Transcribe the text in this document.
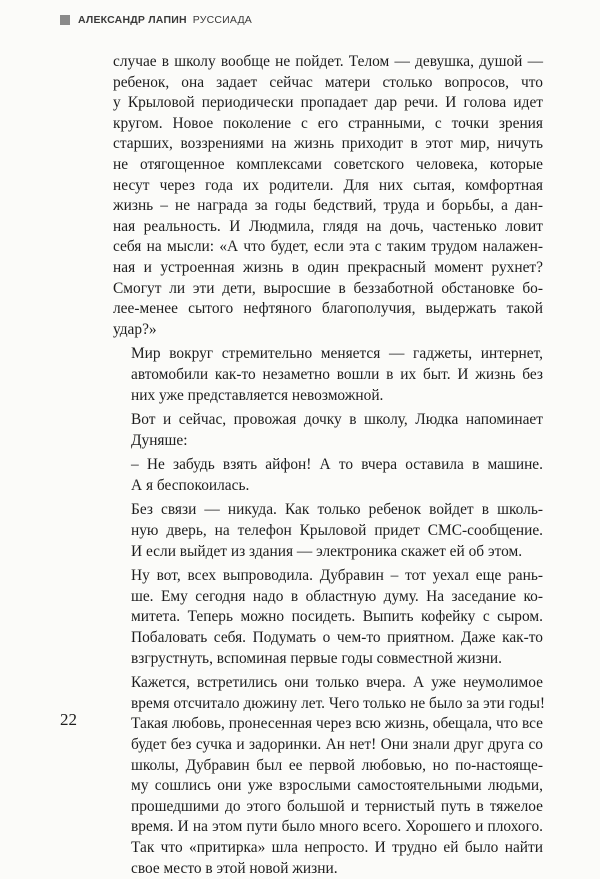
АЛЕКСАНДР ЛАПИН РУССИАДА

случае в школу вообще не пойдет. Телом — девушка, душой —
ребенок, она задает сейчас матери столько вопросов, что
у Крыловой периодически пропадает дар речи. И голова идет
кругом. Новое поколение с его странными, с точки зрения
старших, воззрениями на жизнь приходит в этот мир, ничуть
не отягощенное комплексами советского человека, которые
несут через года их родители. Для них сытая, комфортная
жизнь – не награда за годы бедствий, труда и борьбы, а дан-
ная реальность. И Людмила, глядя на дочь, частенько ловит
себя на мысли: «А что будет, если эта с таким трудом налажен-
ная и устроенная жизнь в один прекрасный момент рухнет?
Смогут ли эти дети, выросшие в беззаботной обстановке бо-
лее-менее сытого нефтяного благополучия, выдержать такой
удар?»

Мир вокруг стремительно меняется — гаджеты, интернет,
автомобили как-то незаметно вошли в их быт. И жизнь без
них уже представляется невозможной.

Вот и сейчас, провожая дочку в школу, Людка напоминает
Дуняше:

– Не забудь взять айфон! А то вчера оставила в машине.
А я беспокоилась.

Без связи — никуда. Как только ребенок войдет в школь-
ную дверь, на телефон Крыловой придет СМС-сообщение.
И если выйдет из здания — электроника скажет ей об этом.

Ну вот, всех выпроводила. Дубравин – тот уехал еще рань-
ше. Ему сегодня надо в областную думу. На заседание ко-
митета. Теперь можно посидеть. Выпить кофейку с сыром.
Побаловать себя. Подумать о чем-то приятном. Даже как-то
взгрустнуть, вспоминая первые годы совместной жизни.

Кажется, встретились они только вчера. А уже неумолимое
время отсчитало дюжину лет. Чего только не было за эти годы!
Такая любовь, пронесенная через всю жизнь, обещала, что все
будет без сучка и задоринки. Ан нет! Они знали друг друга со
школы, Дубравин был ее первой любовью, но по-настояще-
му сошлись они уже взрослыми самостоятельными людьми,
прошедшими до этого большой и тернистый путь в тяжелое
время. И на этом пути было много всего. Хорошего и плохого.
Так что «притирка» шла непросто. И трудно ей было найти
свое место в этой новой жизни.

22
